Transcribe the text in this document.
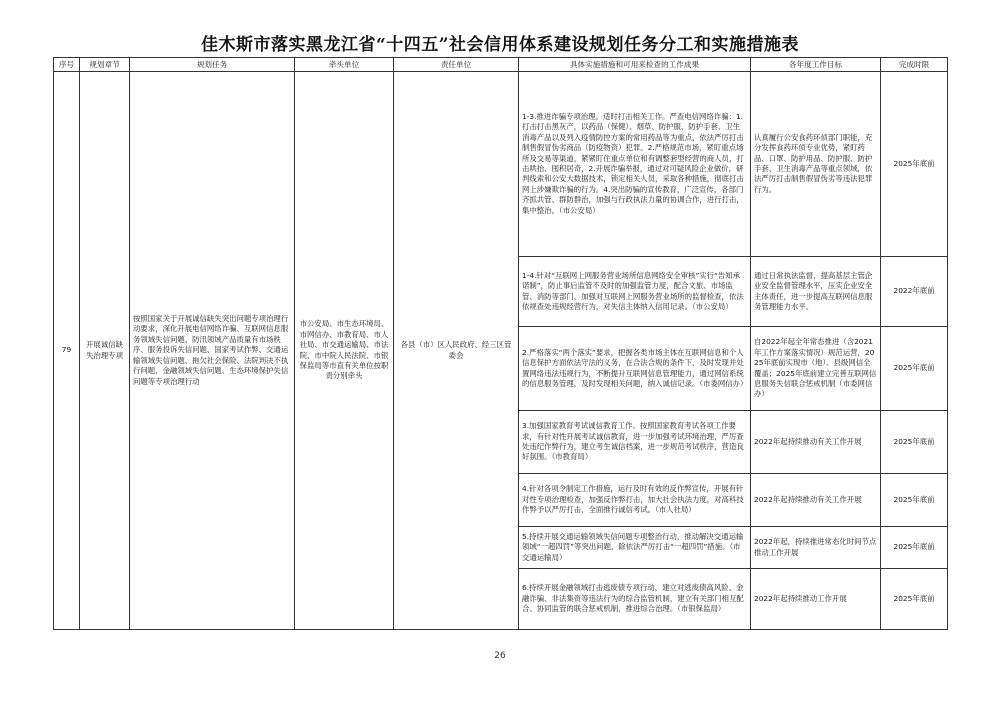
佳木斯市落实黑龙江省“十四五”社会信用体系建设规划任务分工和实施措施表
序号	规划章节	规划任务	牵头单位	责任单位	具体实施措施和可用来检查的工作成果	各年度工作目标	完成时限
79	开展诚信缺失治理专项	按照国家关于开展诚信缺失突出问题专项治理行动要求，深化开展电信网络诈骗、互联网信息服务领域失信问题、防汛领域产品质量有市场秩序、服务投诉失信问题、国家考试作弊、交通运输领域失信问题、拖欠社会保险、法院判决不执行问题、金融领域失信问题、生态环境保护失信问题等专项治理行动	市公安局、市生态环境局、市网信办、市教育局、市人社局、市交通运输局、市法院、市中院人民法院、市银保监局等市直有关单位按职责分别牵头	各县（市）区人民政府、经三区管委会	1-3.推进诈骗专项治理。适时打击相关工作。严查电信网络诈骗：1.打击打击黑灰产，以药品（保健）、烟草、防护服、防护手套、卫生消毒产品以及列入疫情防控方案的常用药品等为重点，依法严厉打击制售假冒伪劣商品（防疫物资）犯罪。2.严格规范市场，紧盯重点场所及交易等渠道，紧紧盯住重点单位和有调整套型经营的商人员，打击哄抬、囤积居奇，2.开展诈骗举报，通过对可疑风险企业做价，研判线索和公安大数据技术，锁定相关人员，采取各种措施，彻底打击网上涉嫌欺诈骗的行为。4.突出防骗的宣传教育，广泛宣传，各部门齐抓共管、群防群治，加强与行政执法力量的协调合作，进行打击，集中整治。（市公安局）	认真履行公安食药环侦部门职能，充分发挥食药环侦专业优势，紧盯药品、口罩、防护用品、防护服、防护手套、卫生消毒产品等重点领域，依法严厉打击制售假冒伪劣等违法犯罪行为。	2025年底前
					1-4.针对“互联网上网服务营业场所信息网络安全审核”实行“告知承诺制”，防止事后监管不及时的加强监管力度，配合文旅、市场监管、消防等部门，加强对互联网上网服务营业场所的监督检查，依法依规查处违规经营行为，对失信主体纳入信用记录。（市公安局）	通过日常执法监督，提高基层主管企业安全监督管理水平，压实企业安全主体责任，进一步提高互联网信息服务管理能力水平。	2022年底前
					2.严格落实“两个落实”要求，把握各类市场主体在互联网信息和个人信息保护方面依法守法的义务，在合法合规的条件下，及时发现并处置网络违法违规行为，不断提升互联网信息管理能力，通过网信系统的信息服务管理，及时发现相关问题，纳入诚信记录。（市委网信办）	自2022年起全年常态推进（含2021年工作方案落实情况）规范运营，2025年底前实现市（地）、县级网信全覆盖；2025年底前建立完善互联网信息服务失信联合惩戒机制（市委网信办）	2025年底前
					3.加强国家教育考试诚信教育工作。按照国家教育考试各项工作要求，有针对性开展考试诚信教育，进一步加强考试环境治理，严厉查处违纪作弊行为，建立考生诚信档案，进一步规范考试秩序，营造良好氛围。（市教育局）	2022年起持续推动有关工作开展	2025年底前
					4.针对各项令制定工作措施，运行及时有效的反作弊宣传，开展有针对性专项治理检查，加强反作弊打击，加大社会执法力度，对高科技作弊予以严厉打击，全面推行诚信考试。（市人社局）	2022年起持续推动有关工作开展	2025年底前
					5.持续开展交通运输领域失信问题专项整治行动，推动解决交通运输领域“一超四罚”等突出问题，除依法严厉打击“一超四罚”措施。（市交通运输局）	2022年起，持续推进常态化时间节点推动工作开展	2025年底前
					6.持续开展金融领域打击逃废债专项行动，建立对逃废债高风险、金融诈骗、非法集资等违法行为的综合监管机制，建立有关部门相互配合、协同监管的联合惩戒机制，推进综合治理。（市银保监局）	2022年起持续推动工作开展	2025年底前
26
